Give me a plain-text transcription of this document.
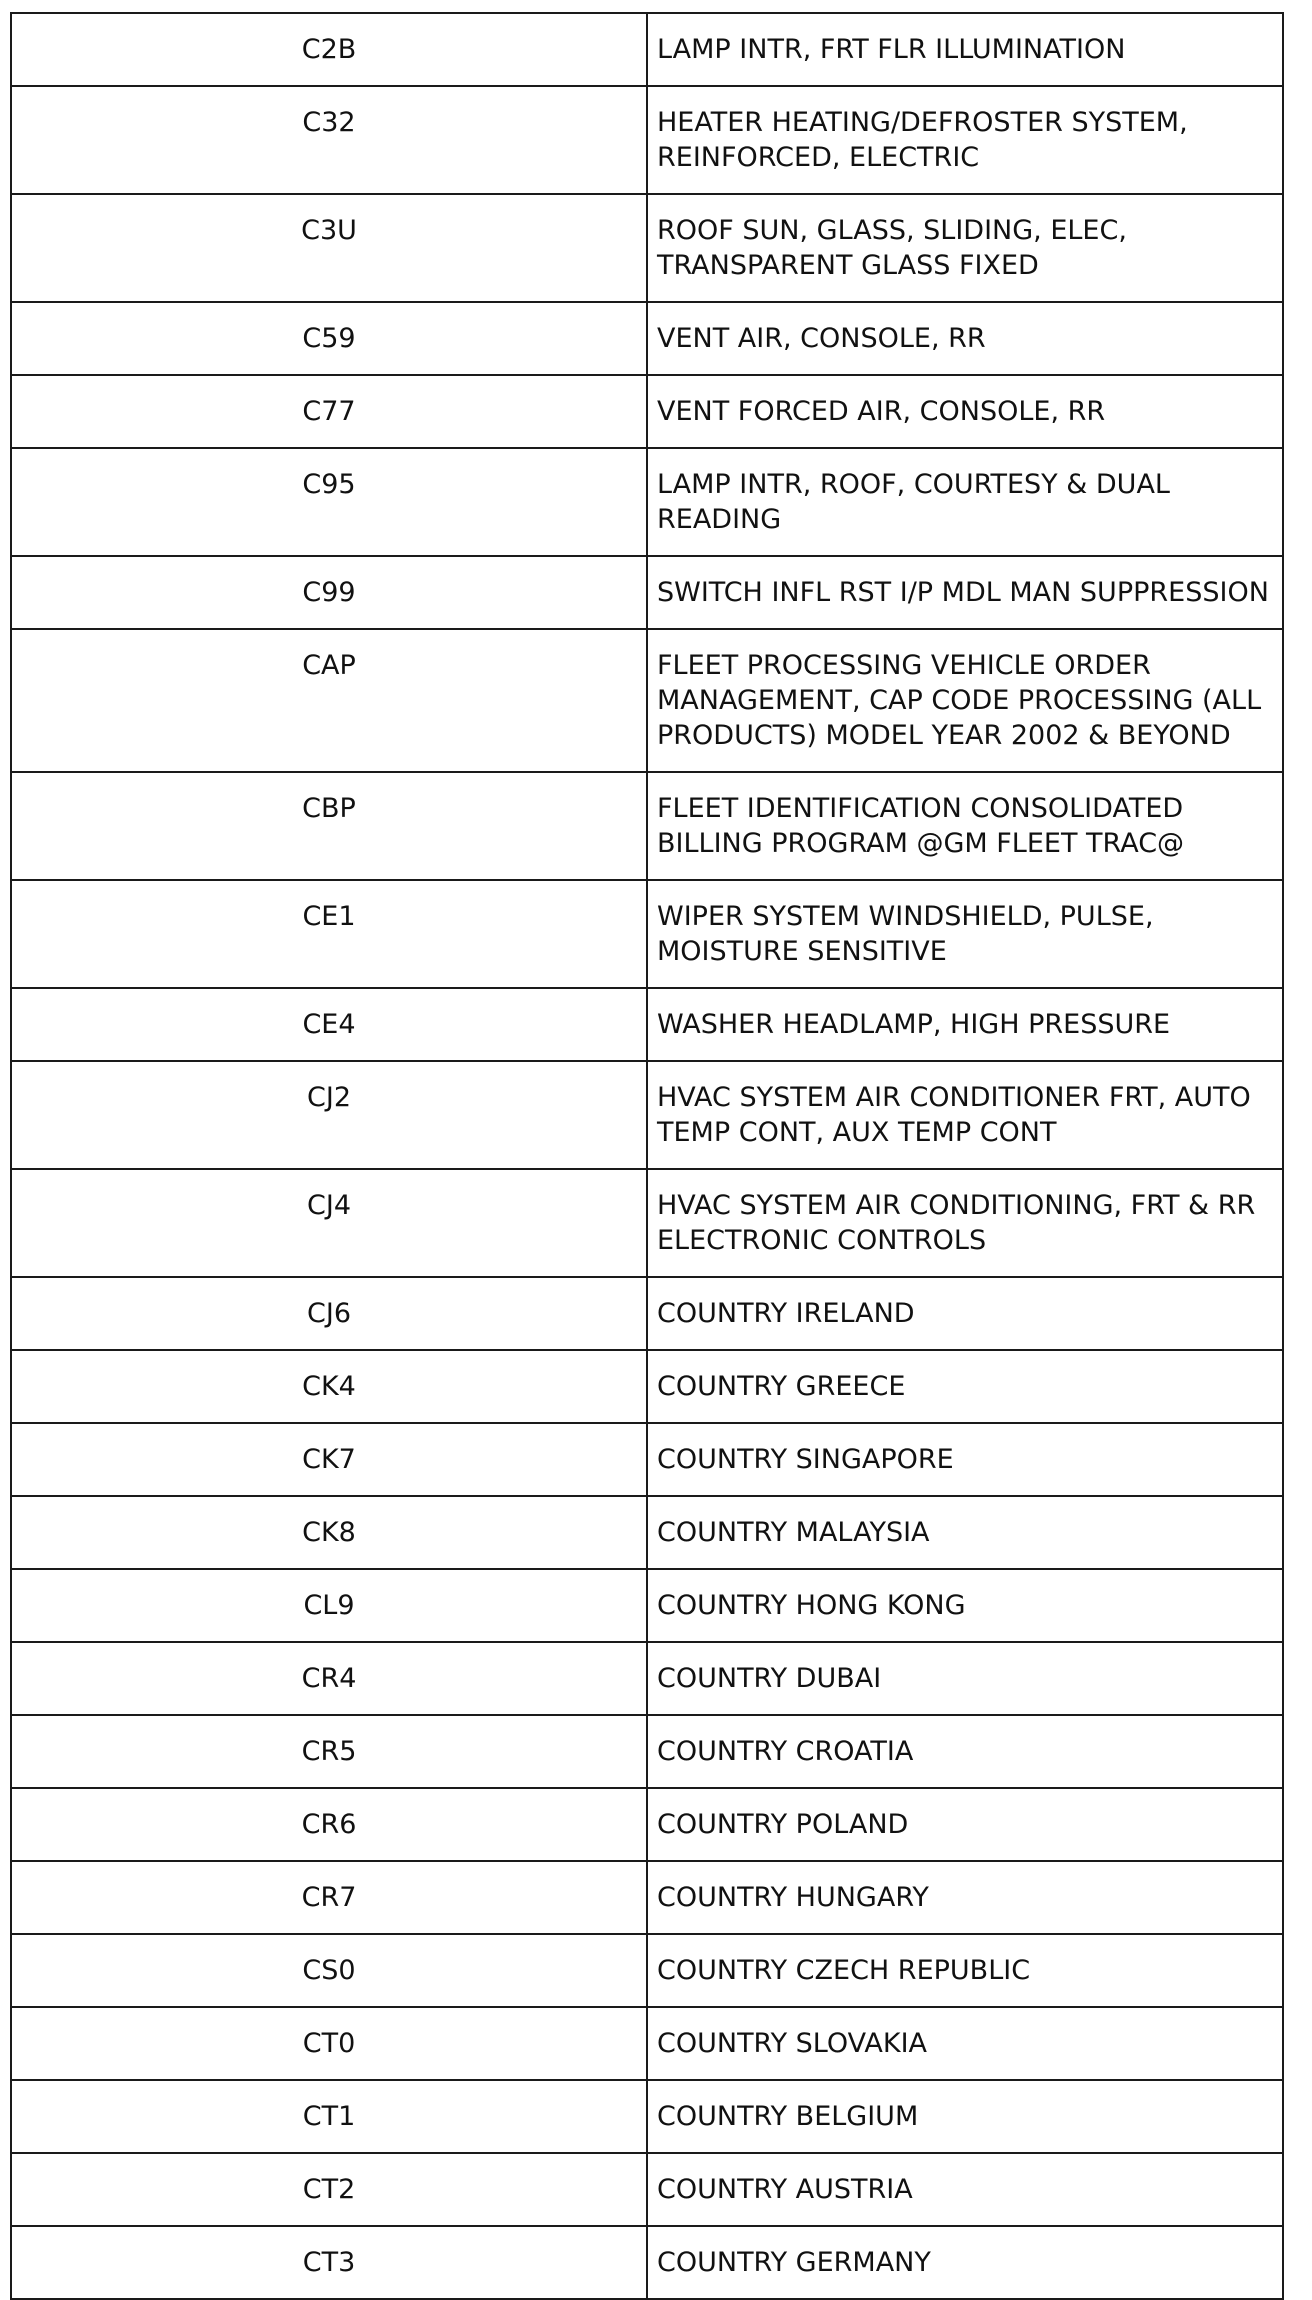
C2B	LAMP INTR, FRT FLR ILLUMINATION
C32	HEATER HEATING/DEFROSTER SYSTEM, REINFORCED, ELECTRIC
C3U	ROOF SUN, GLASS, SLIDING, ELEC, TRANSPARENT GLASS FIXED
C59	VENT AIR, CONSOLE, RR
C77	VENT FORCED AIR, CONSOLE, RR
C95	LAMP INTR, ROOF, COURTESY & DUAL READING
C99	SWITCH INFL RST I/P MDL MAN SUPPRESSION
CAP	FLEET PROCESSING VEHICLE ORDER MANAGEMENT, CAP CODE PROCESSING (ALL PRODUCTS) MODEL YEAR 2002 & BEYOND
CBP	FLEET IDENTIFICATION CONSOLIDATED BILLING PROGRAM @GM FLEET TRAC@
CE1	WIPER SYSTEM WINDSHIELD, PULSE, MOISTURE SENSITIVE
CE4	WASHER HEADLAMP, HIGH PRESSURE
CJ2	HVAC SYSTEM AIR CONDITIONER FRT, AUTO TEMP CONT, AUX TEMP CONT
CJ4	HVAC SYSTEM AIR CONDITIONING, FRT & RR ELECTRONIC CONTROLS
CJ6	COUNTRY IRELAND
CK4	COUNTRY GREECE
CK7	COUNTRY SINGAPORE
CK8	COUNTRY MALAYSIA
CL9	COUNTRY HONG KONG
CR4	COUNTRY DUBAI
CR5	COUNTRY CROATIA
CR6	COUNTRY POLAND
CR7	COUNTRY HUNGARY
CS0	COUNTRY CZECH REPUBLIC
CT0	COUNTRY SLOVAKIA
CT1	COUNTRY BELGIUM
CT2	COUNTRY AUSTRIA
CT3	COUNTRY GERMANY
